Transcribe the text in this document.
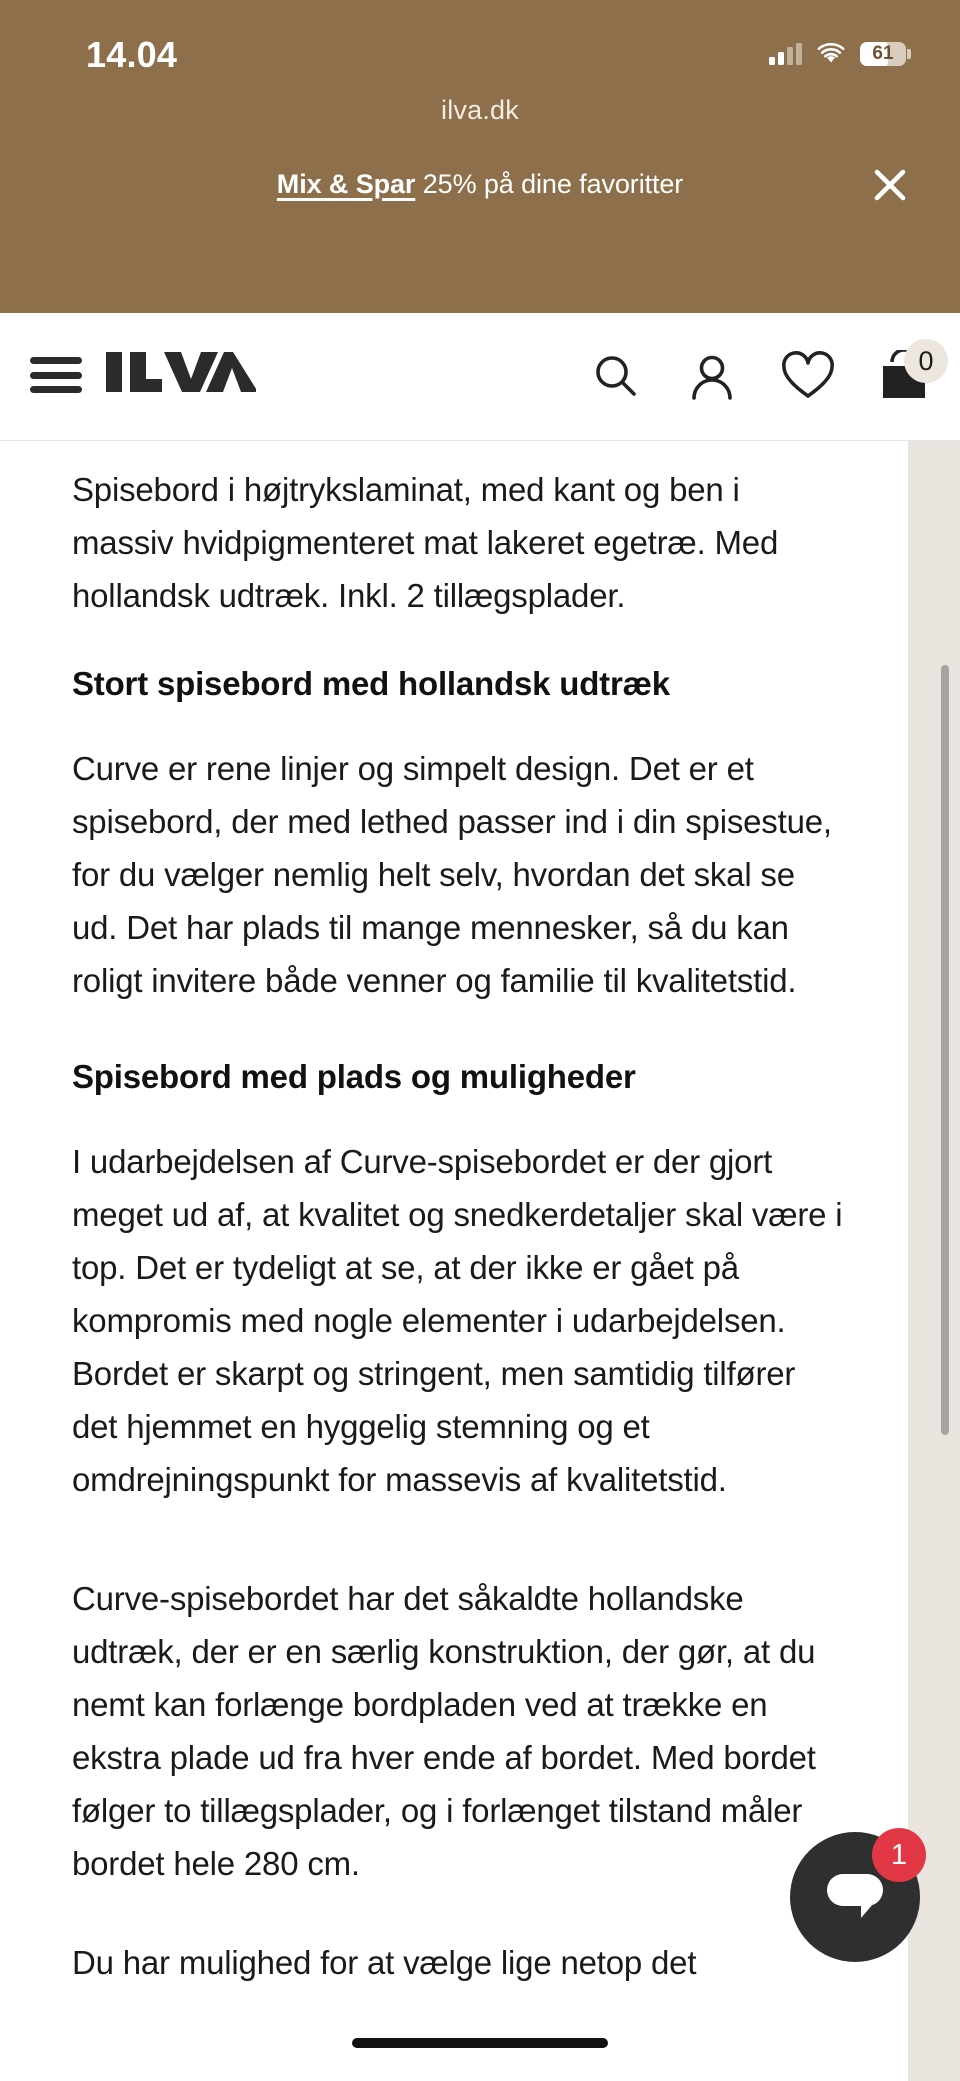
14.04	61
ilva.dk
Mix & Spar 25% på dine favoritter
0

Spisebord i højtrykslaminat, med kant og ben i massiv hvidpigmenteret mat lakeret egetræ. Med hollandsk udtræk. Inkl. 2 tillægsplader.

Stort spisebord med hollandsk udtræk

Curve er rene linjer og simpelt design. Det er et spisebord, der med lethed passer ind i din spisestue, for du vælger nemlig helt selv, hvordan det skal se ud. Det har plads til mange mennesker, så du kan roligt invitere både venner og familie til kvalitetstid.

Spisebord med plads og muligheder

I udarbejdelsen af Curve-spisebordet er der gjort meget ud af, at kvalitet og snedkerdetaljer skal være i top. Det er tydeligt at se, at der ikke er gået på kompromis med nogle elementer i udarbejdelsen. Bordet er skarpt og stringent, men samtidig tilfører det hjemmet en hyggelig stemning og et omdrejningspunkt for massevis af kvalitetstid.

Curve-spisebordet har det såkaldte hollandske udtræk, der er en særlig konstruktion, der gør, at du nemt kan forlænge bordpladen ved at trække en ekstra plade ud fra hver ende af bordet. Med bordet følger to tillægsplader, og i forlænget tilstand måler bordet hele 280 cm.

Du har mulighed for at vælge lige netop det

1
